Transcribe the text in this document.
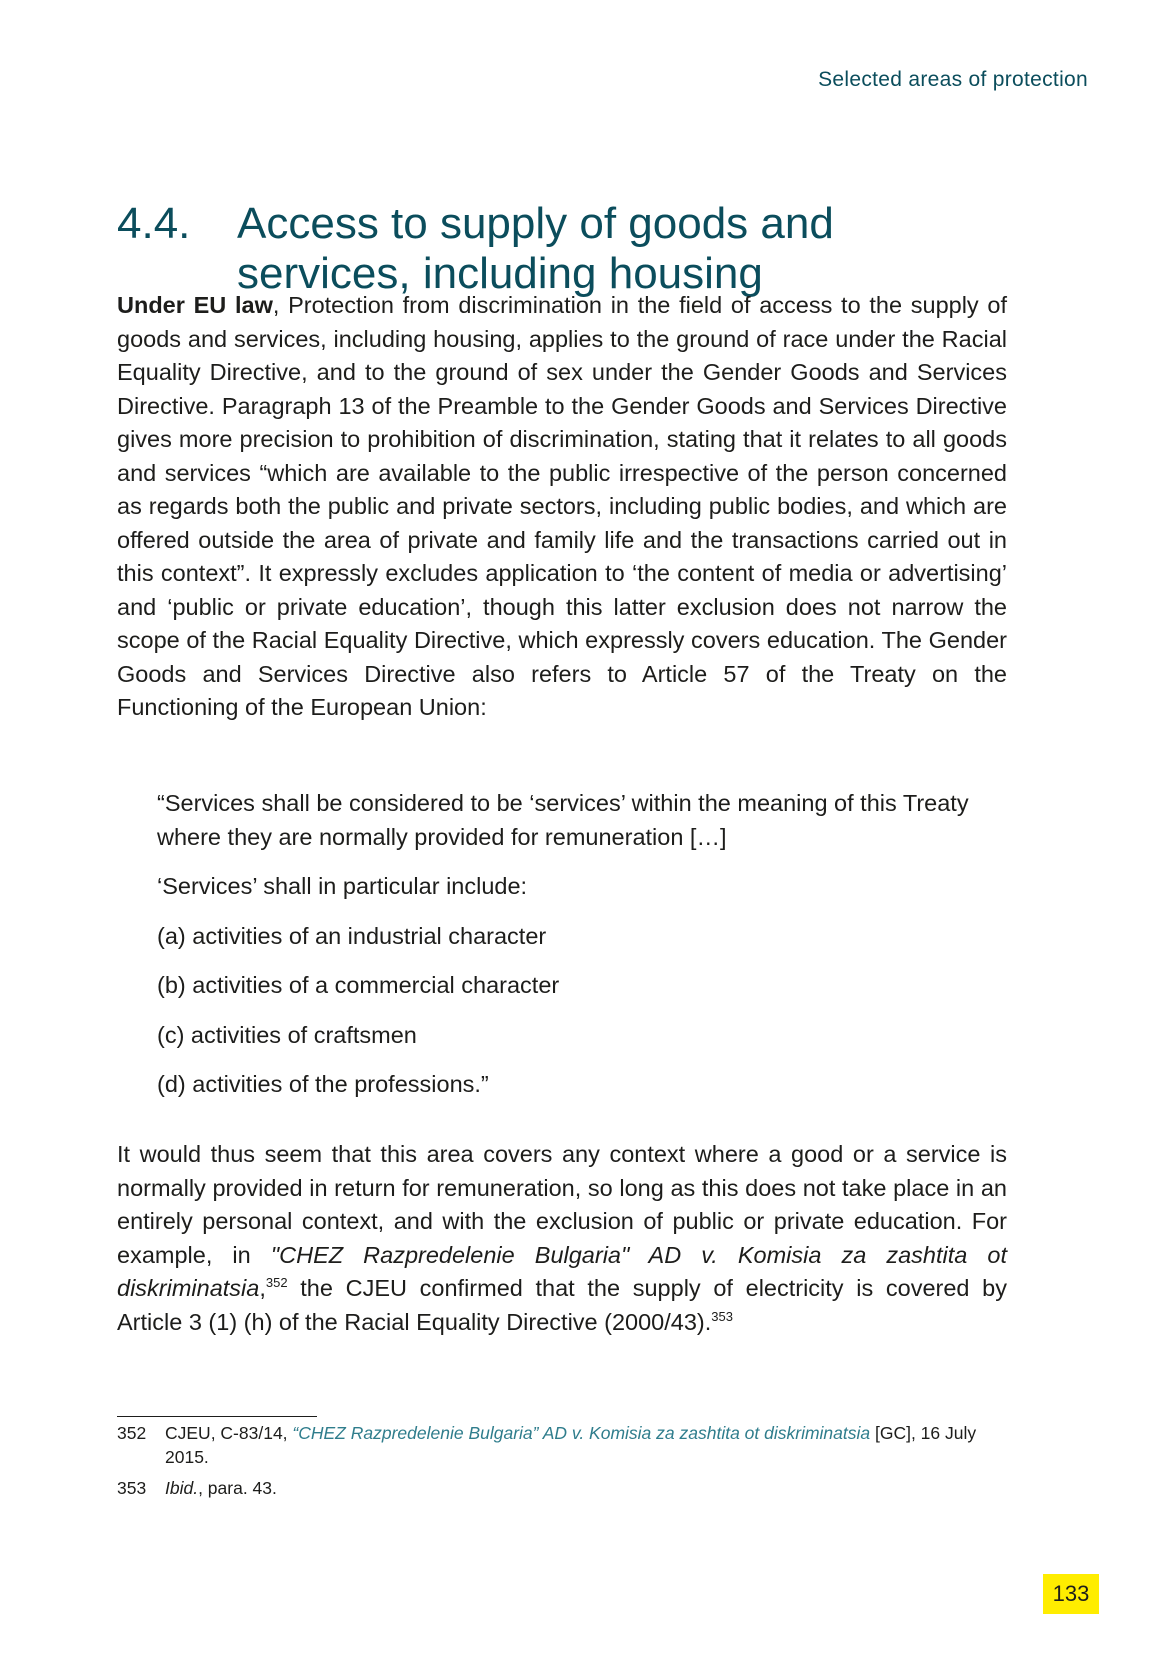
Selected areas of protection
4.4. Access to supply of goods and services, including housing
Under EU law, Protection from discrimination in the field of access to the supply of goods and services, including housing, applies to the ground of race under the Racial Equality Directive, and to the ground of sex under the Gender Goods and Services Directive. Paragraph 13 of the Preamble to the Gender Goods and Services Directive gives more precision to prohibition of discrimination, stating that it relates to all goods and services “which are available to the public irrespective of the person concerned as regards both the public and private sectors, including public bodies, and which are offered outside the area of private and family life and the transactions carried out in this context”. It expressly excludes application to ‘the content of media or advertising’ and ‘public or private education’, though this latter exclusion does not narrow the scope of the Racial Equality Directive, which expressly covers education. The Gender Goods and Services Directive also refers to Article 57 of the Treaty on the Functioning of the European Union:

“Services shall be considered to be ‘services’ within the meaning of this Treaty where they are normally provided for remuneration […]

‘Services’ shall in particular include:

(a) activities of an industrial character

(b) activities of a commercial character

(c) activities of craftsmen

(d) activities of the professions.”

It would thus seem that this area covers any context where a good or a service is normally provided in return for remuneration, so long as this does not take place in an entirely personal context, and with the exclusion of public or private education. For example, in "CHEZ Razpredelenie Bulgaria" AD v. Komisia za zashtita ot diskriminatsia,$^{352}$ the CJEU confirmed that the supply of electricity is covered by Article 3 (1) (h) of the Racial Equality Directive (2000/43).$^{353}$
352 CJEU, C-83/14, “CHEZ Razpredelenie Bulgaria” AD v. Komisia za zashtita ot diskriminatsia [GC], 16 July 2015.
353 Ibid., para. 43.
133
